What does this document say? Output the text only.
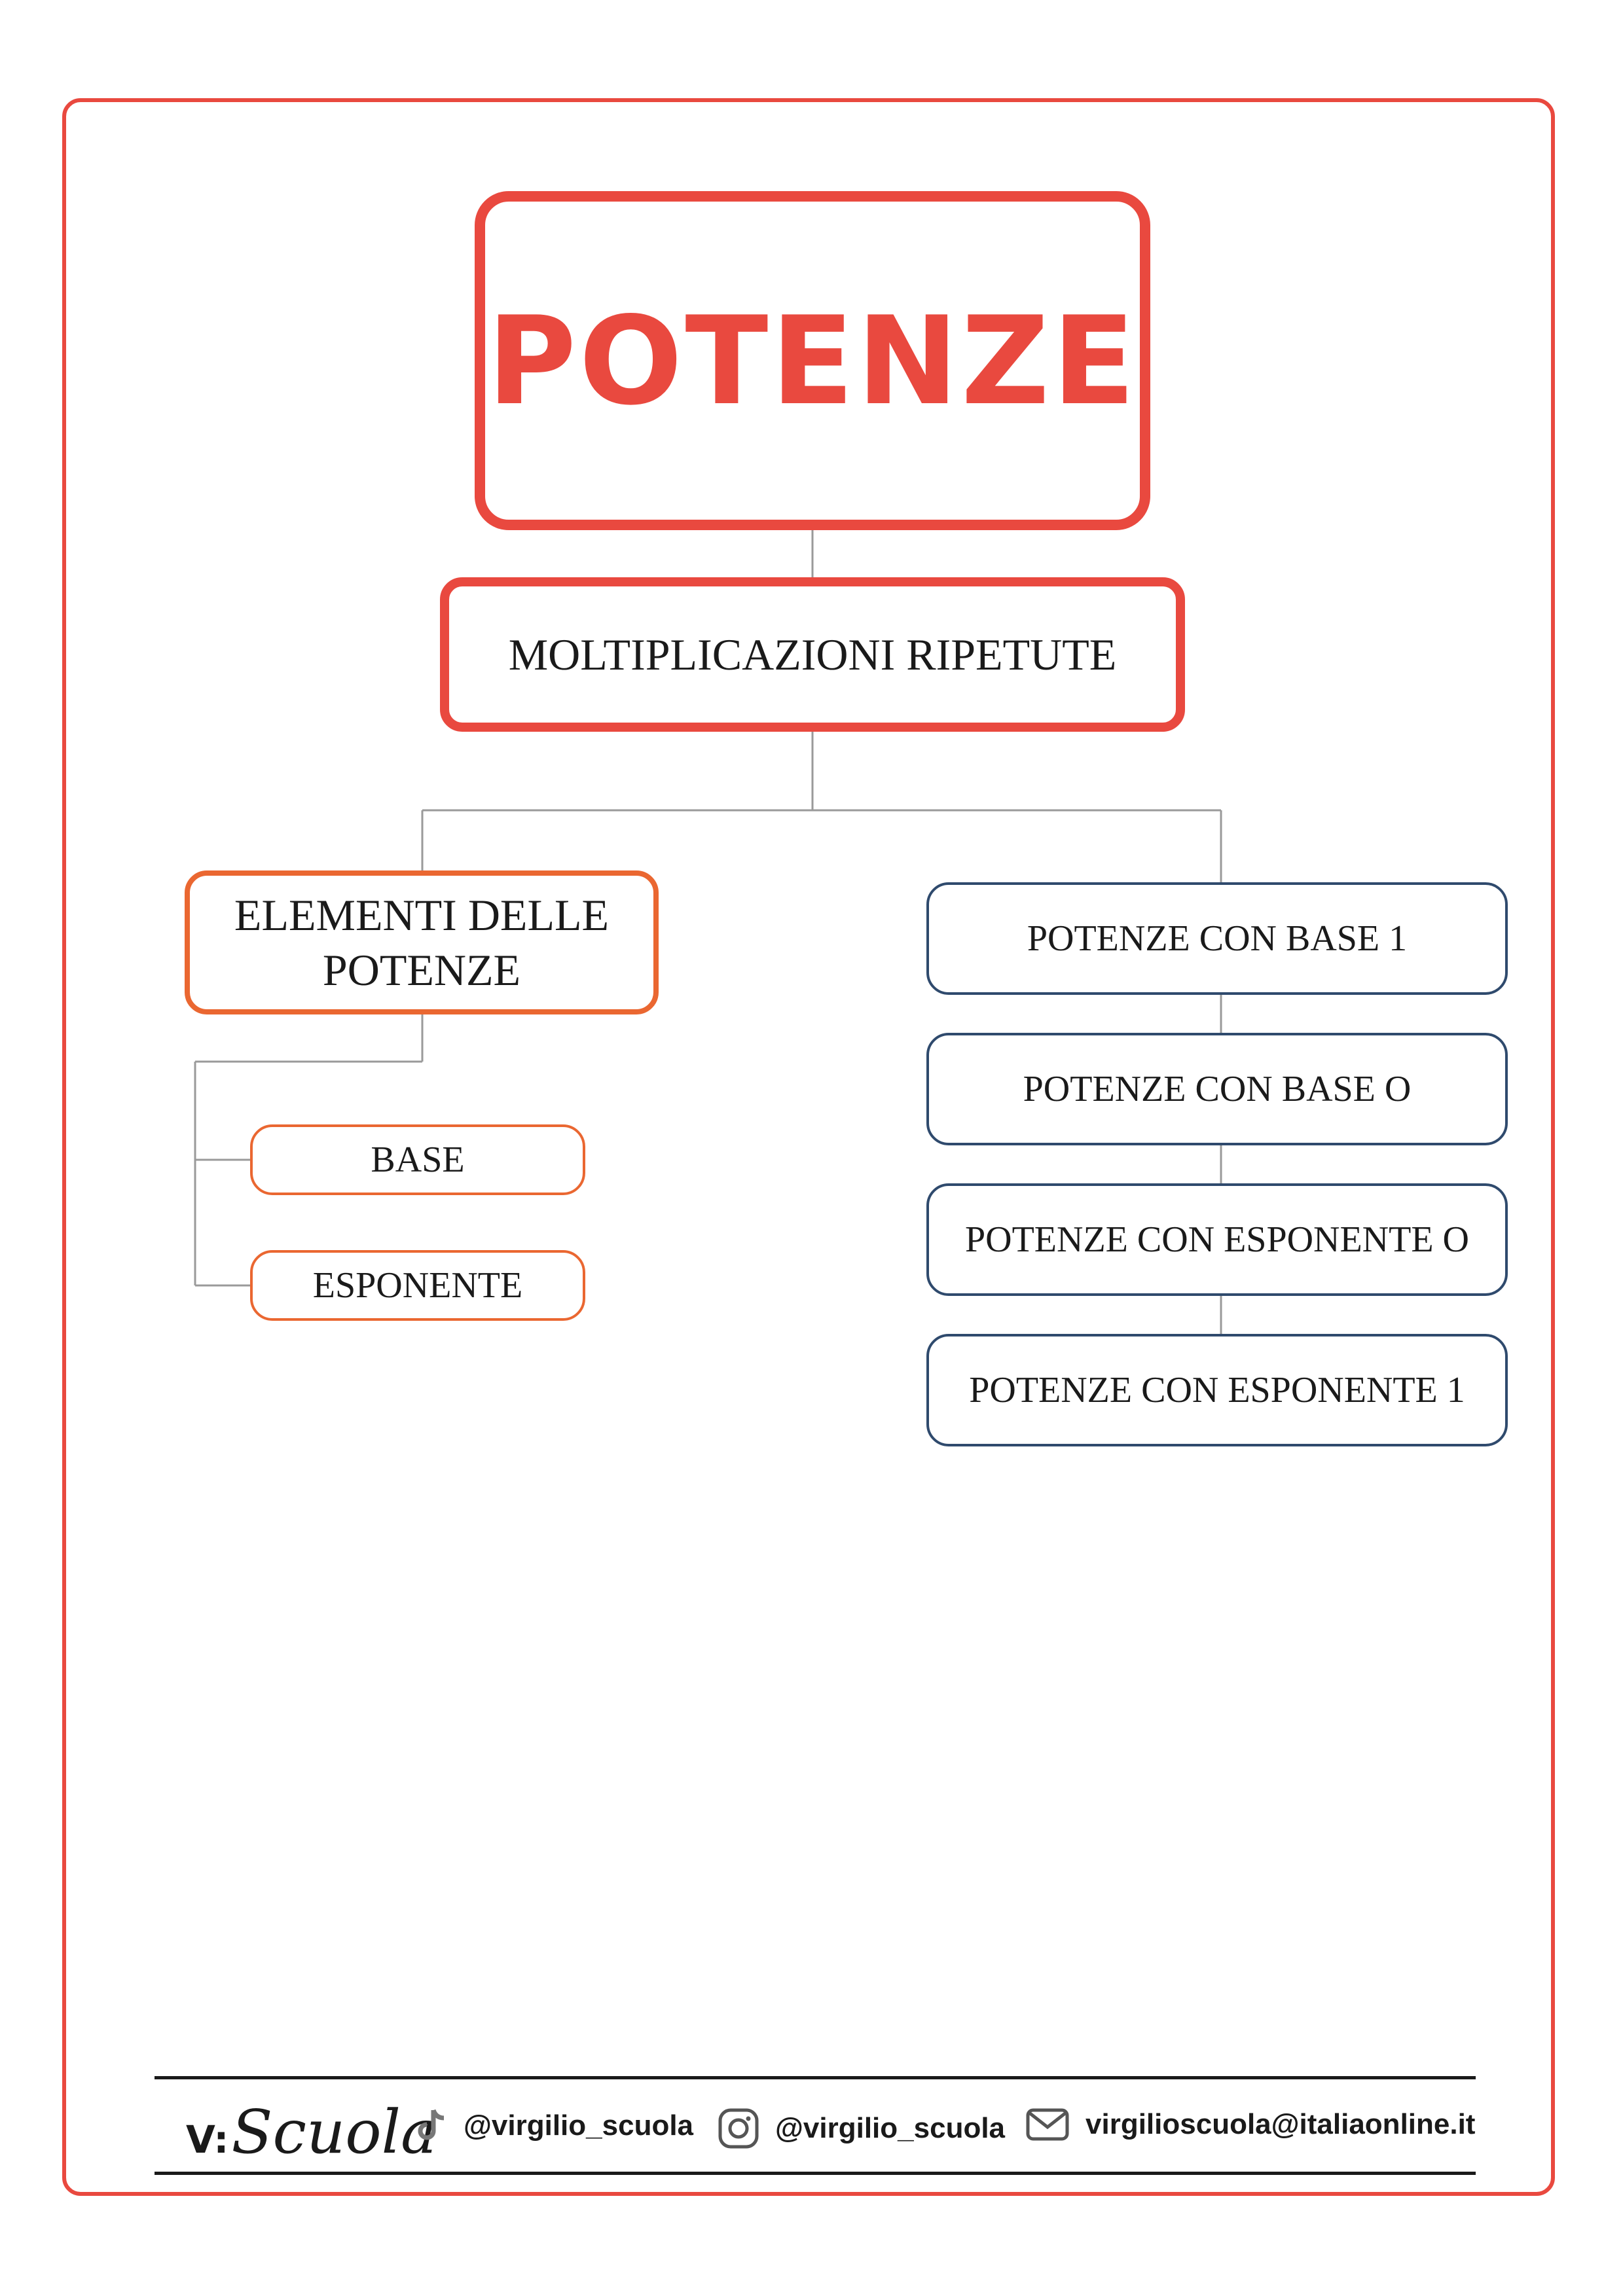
POTENZE
MOLTIPLICAZIONI RIPETUTE
ELEMENTI DELLE
POTENZE
BASE
ESPONENTE
POTENZE CON BASE 1
POTENZE CON BASE O
POTENZE CON ESPONENTE O
POTENZE CON ESPONENTE 1
V: Scuola @virgilio_scuola	@virgilio_scuola	virgilioscuola@italiaonline.it
